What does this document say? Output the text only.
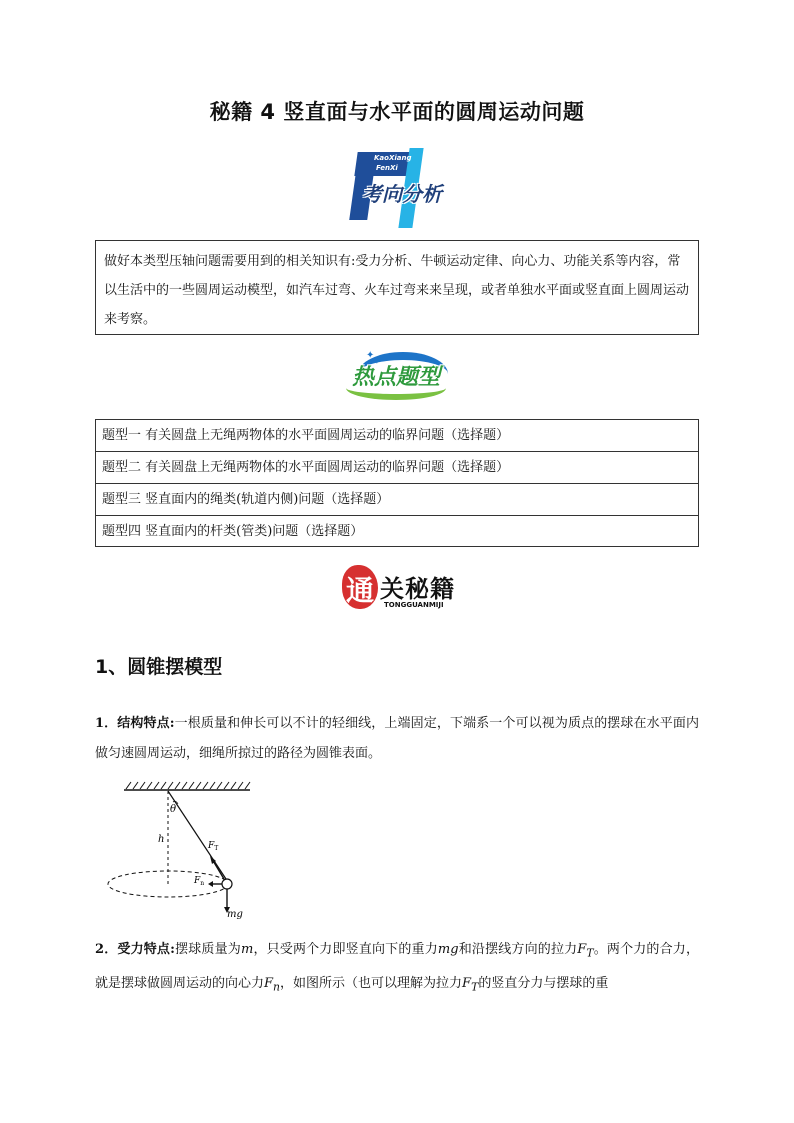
秘籍 4 竖直面与水平面的圆周运动问题
KaoXiang
FenXi
考向分析
做好本类型压轴问题需要用到的相关知识有:受力分析、牛顿运动定律、向心力、功能关系等内容，常以生活中的一些圆周运动模型，如汽车过弯、火车过弯来来呈现，或者单独水平面或竖直面上圆周运动来考察。
✦
✦
热点题型
题型一 有关圆盘上无绳两物体的水平面圆周运动的临界问题（选择题）
题型二 有关圆盘上无绳两物体的水平面圆周运动的临界问题（选择题）
题型三 竖直面内的绳类(轨道内侧)问题（选择题）
题型四 竖直面内的杆类(管类)问题（选择题）
通 关秘籍
TONGGUANMIJI
1、圆锥摆模型
1．结构特点:一根质量和伸长可以不计的轻细线，上端固定，下端系一个可以视为质点的摆球在水平面内做匀速圆周运动，细绳所掠过的路径为圆锥表面。
θ
h
$F_T$
$F_n$
mg
2．受力特点:摆球质量为m，只受两个力即竖直向下的重力mg和沿摆线方向的拉力$F_T$。两个力的合力，就是摆球做圆周运动的向心力$F_n$，如图所示（也可以理解为拉力$F_T$的竖直分力与摆球的重
